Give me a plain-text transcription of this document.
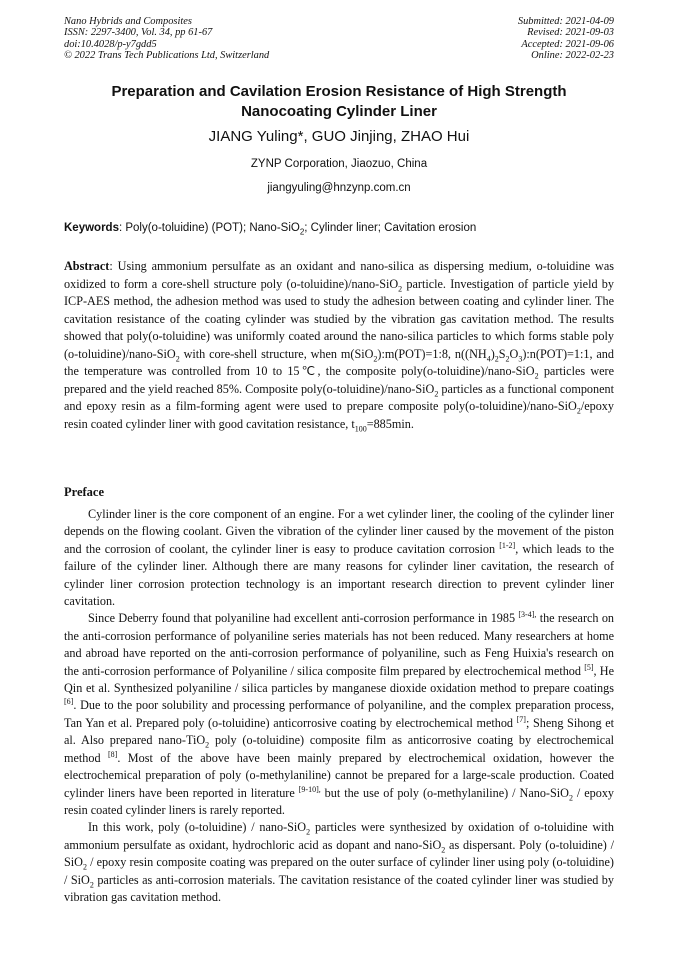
Nano Hybrids and Composites
ISSN: 2297-3400, Vol. 34, pp 61-67
doi:10.4028/p-y7gdd5
© 2022 Trans Tech Publications Ltd, Switzerland
Submitted: 2021-04-09
Revised: 2021-09-03
Accepted: 2021-09-06
Online: 2022-02-23
Preparation and Cavilation Erosion Resistance of High Strength Nanocoating Cylinder Liner
JIANG Yuling*, GUO Jinjing, ZHAO Hui
ZYNP Corporation, Jiaozuo, China
jiangyuling@hnzynp.com.cn
Keywords: Poly(o-toluidine) (POT); Nano-SiO$_2$; Cylinder liner; Cavitation erosion

Abstract: Using ammonium persulfate as an oxidant and nano-silica as dispersing medium, o-toluidine was oxidized to form a core-shell structure poly (o-toluidine)/nano-SiO$_2$ particle. Investigation of particle yield by ICP-AES method, the adhesion method was used to study the adhesion between coating and cylinder liner. The cavitation resistance of the coating cylinder was studied by the vibration gas cavitation method. The results showed that poly(o-toluidine) was uniformly coated around the nano-silica particles to which forms stable poly (o-toluidine)/nano-SiO$_2$ with core-shell structure, when m(SiO$_2$):m(POT)=1:8, $n((NH_4)_2S_2O_3):n(POT)=1:1$, and the temperature was controlled from 10 to 15℃, the composite poly(o-toluidine)/nano-SiO$_2$ particles were prepared and the yield reached 85%. Composite poly(o-toluidine)/nano-SiO$_2$ particles as a functional component and epoxy resin as a film-forming agent were used to prepare composite poly(o-toluidine)/nano-SiO$_2$/epoxy resin coated cylinder liner with good cavitation resistance, $t_{100}=885\min$.

Preface

Cylinder liner is the core component of an engine. For a wet cylinder liner, the cooling of the cylinder liner depends on the flowing coolant. Given the vibration of the cylinder liner caused by the movement of the piston and the corrosion of coolant, the cylinder liner is easy to produce cavitation corrosion [1-2], which leads to the failure of the cylinder liner. Although there are many reasons for cylinder liner cavitation, the research of cylinder liner corrosion protection technology is an important research direction to prevent cylinder liner cavitation.

Since Deberry found that polyaniline had excellent anti-corrosion performance in 1985 $^{[3-4],}$ the research on the anti-corrosion performance of polyaniline series materials has not been reduced. Many researchers at home and abroad have reported on the anti-corrosion performance of polyaniline, such as Feng Huixia's research on the anti-corrosion performance of Polyaniline / silica composite film prepared by electrochemical method [5], He Qin et al. Synthesized polyaniline / silica particles by manganese dioxide oxidation method to prepare coatings [6]. Due to the poor solubility and processing performance of polyaniline, and the complex preparation process, Tan Yan et al. Prepared poly (o-toluidine) anticorrosive coating by electrochemical method [7]; Sheng Sihong et al. Also prepared nano-TiO$_2$ poly (o-toluidine) composite film as anticorrosive coating by electrochemical method [8]. Most of the above have been mainly prepared by electrochemical oxidation, however the electrochemical preparation of poly (o-methylaniline) cannot be prepared for a large-scale production. Coated cylinder liners have been reported in literature $^{[9-10],}$ but the use of poly (o-methylaniline) / Nano-SiO$_2$ / epoxy resin coated cylinder liners is rarely reported.

In this work, poly (o-toluidine) / nano-SiO$_2$ particles were synthesized by oxidation of o-toluidine with ammonium persulfate as oxidant, hydrochloric acid as dopant and nano-SiO$_2$ as dispersant. Poly (o-toluidine) / SiO$_2$ / epoxy resin composite coating was prepared on the outer surface of cylinder liner using poly (o-toluidine) / SiO$_2$ particles as anti-corrosion materials. The cavitation resistance of the coated cylinder liner was studied by vibration gas cavitation method.
